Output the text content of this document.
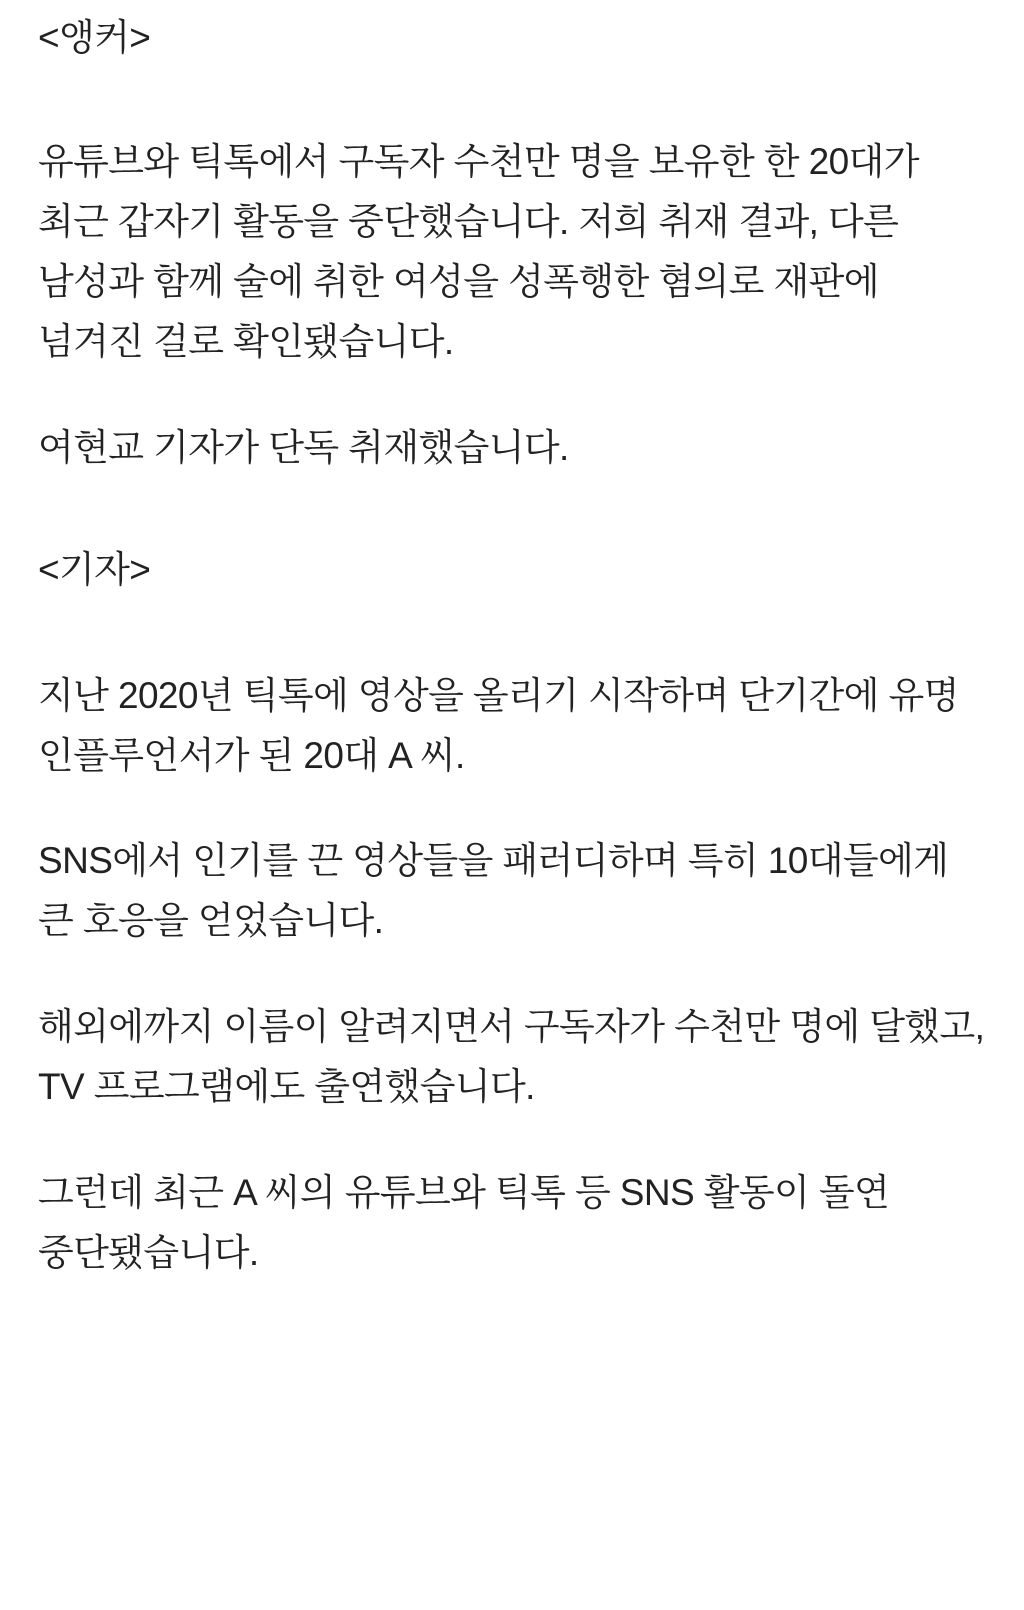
<앵커>

유튜브와 틱톡에서 구독자 수천만 명을 보유한 한 20대가 최근 갑자기 활동을 중단했습니다. 저희 취재 결과, 다른 남성과 함께 술에 취한 여성을 성폭행한 혐의로 재판에 넘겨진 걸로 확인됐습니다.

여현교 기자가 단독 취재했습니다.

<기자>

지난 2020년 틱톡에 영상을 올리기 시작하며 단기간에 유명 인플루언서가 된 20대 A 씨.

SNS에서 인기를 끈 영상들을 패러디하며 특히 10대들에게 큰 호응을 얻었습니다.

해외에까지 이름이 알려지면서 구독자가 수천만 명에 달했고, TV 프로그램에도 출연했습니다.

그런데 최근 A 씨의 유튜브와 틱톡 등 SNS 활동이 돌연 중단됐습니다.
